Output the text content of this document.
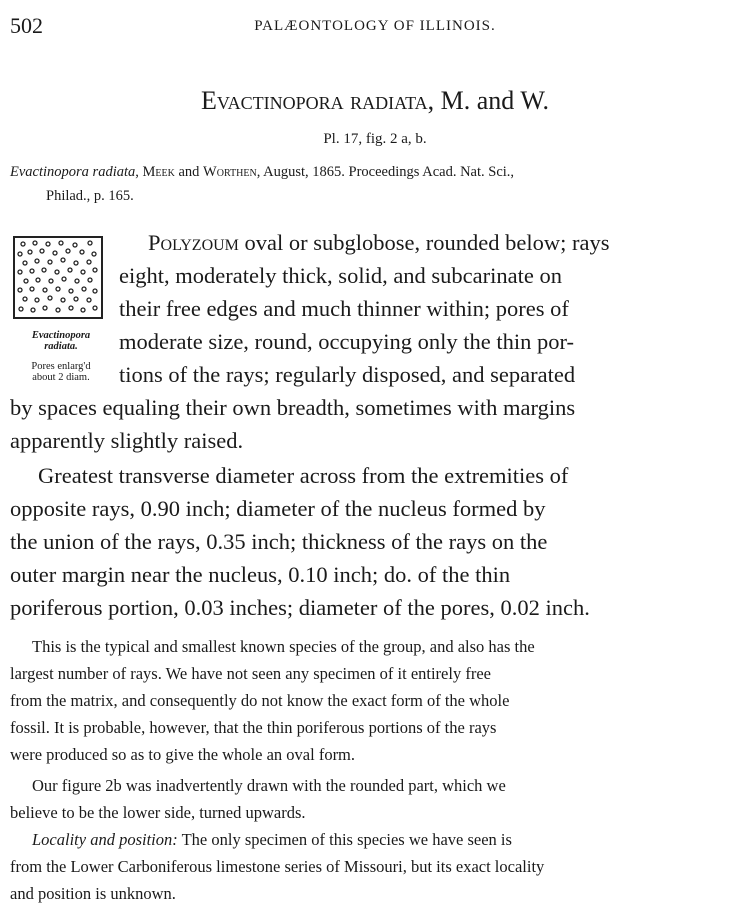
502	PALÆONTOLOGY OF ILLINOIS.
Evactinopora radiata, M. and W.
Pl. 17, fig. 2 a, b.
Evactinopora radiata, Meek and Worthen, August, 1865. Proceedings Acad. Nat. Sci.,
Philad., p. 165.
Evactinopora
radiata.
Pores enlarg'd
about 2 diam.
Polyzoum oval or subglobose, rounded below; rays
eight, moderately thick, solid, and subcarinate on
their free edges and much thinner within; pores of
moderate size, round, occupying only the thin por-
tions of the rays; regularly disposed, and separated
by spaces equaling their own breadth, sometimes with margins
apparently slightly raised.
Greatest transverse diameter across from the extremities of
opposite rays, 0.90 inch; diameter of the nucleus formed by
the union of the rays, 0.35 inch; thickness of the rays on the
outer margin near the nucleus, 0.10 inch; do. of the thin
poriferous portion, 0.03 inches; diameter of the pores, 0.02 inch.
This is the typical and smallest known species of the group, and also has the
largest number of rays. We have not seen any specimen of it entirely free
from the matrix, and consequently do not know the exact form of the whole
fossil. It is probable, however, that the thin poriferous portions of the rays
were produced so as to give the whole an oval form.
Our figure 2b was inadvertently drawn with the rounded part, which we
believe to be the lower side, turned upwards.
Locality and position: The only specimen of this species we have seen is
from the Lower Carboniferous limestone series of Missouri, but its exact locality
and position is unknown.
